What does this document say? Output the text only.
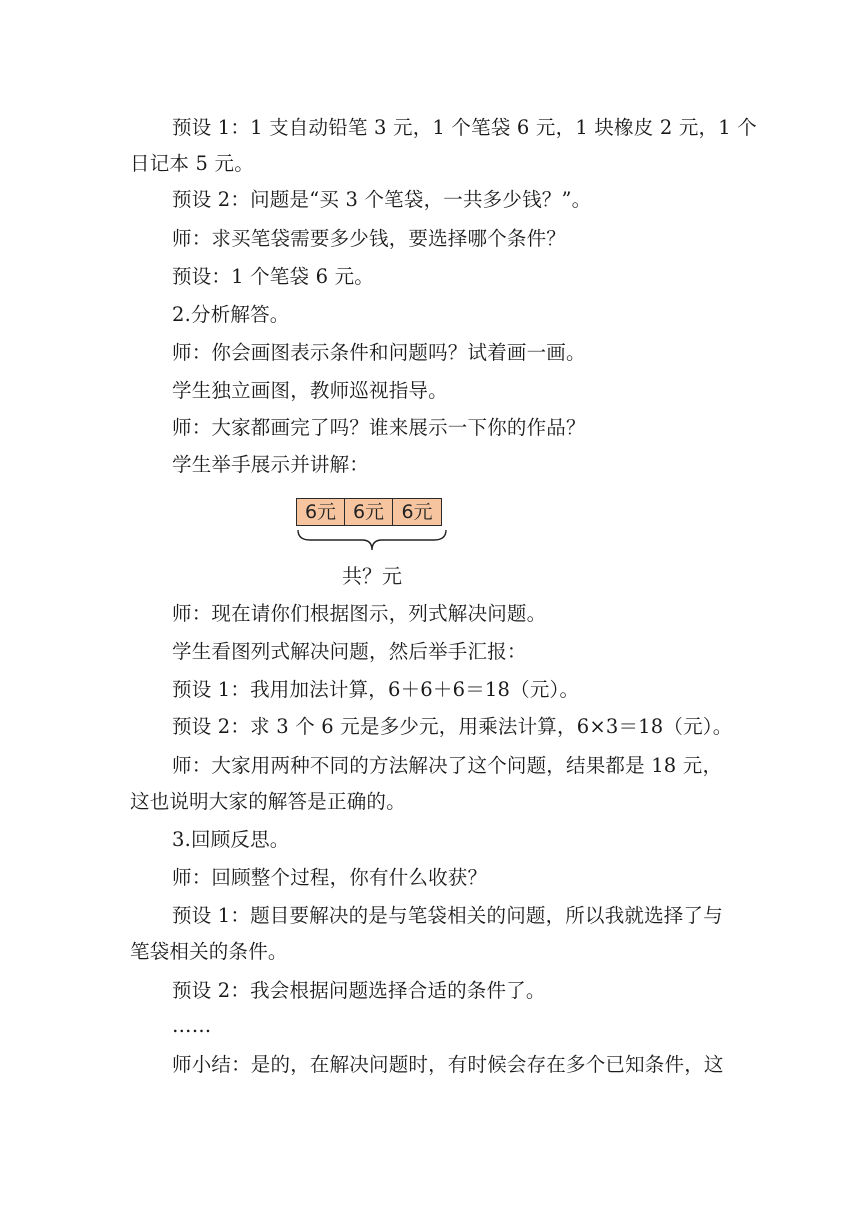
预设 1：1 支自动铅笔 3 元，1 个笔袋 6 元，1 块橡皮 2 元，1 个
日记本 5 元。
预设 2：问题是“买 3 个笔袋，一共多少钱？”。
师：求买笔袋需要多少钱，要选择哪个条件？
预设：1 个笔袋 6 元。
2.分析解答。
师：你会画图表示条件和问题吗？试着画一画。
学生独立画图，教师巡视指导。
师：大家都画完了吗？谁来展示一下你的作品？
学生举手展示并讲解：
6元 6元 6元
共？元
师：现在请你们根据图示，列式解决问题。
学生看图列式解决问题，然后举手汇报：
预设 1：我用加法计算，6＋6＋6＝18（元）。
预设 2：求 3 个 6 元是多少元，用乘法计算，6×3＝18（元）。
师：大家用两种不同的方法解决了这个问题，结果都是 18 元，
这也说明大家的解答是正确的。
3.回顾反思。
师：回顾整个过程，你有什么收获？
预设 1：题目要解决的是与笔袋相关的问题，所以我就选择了与
笔袋相关的条件。
预设 2：我会根据问题选择合适的条件了。
……
师小结：是的，在解决问题时，有时候会存在多个已知条件，这
